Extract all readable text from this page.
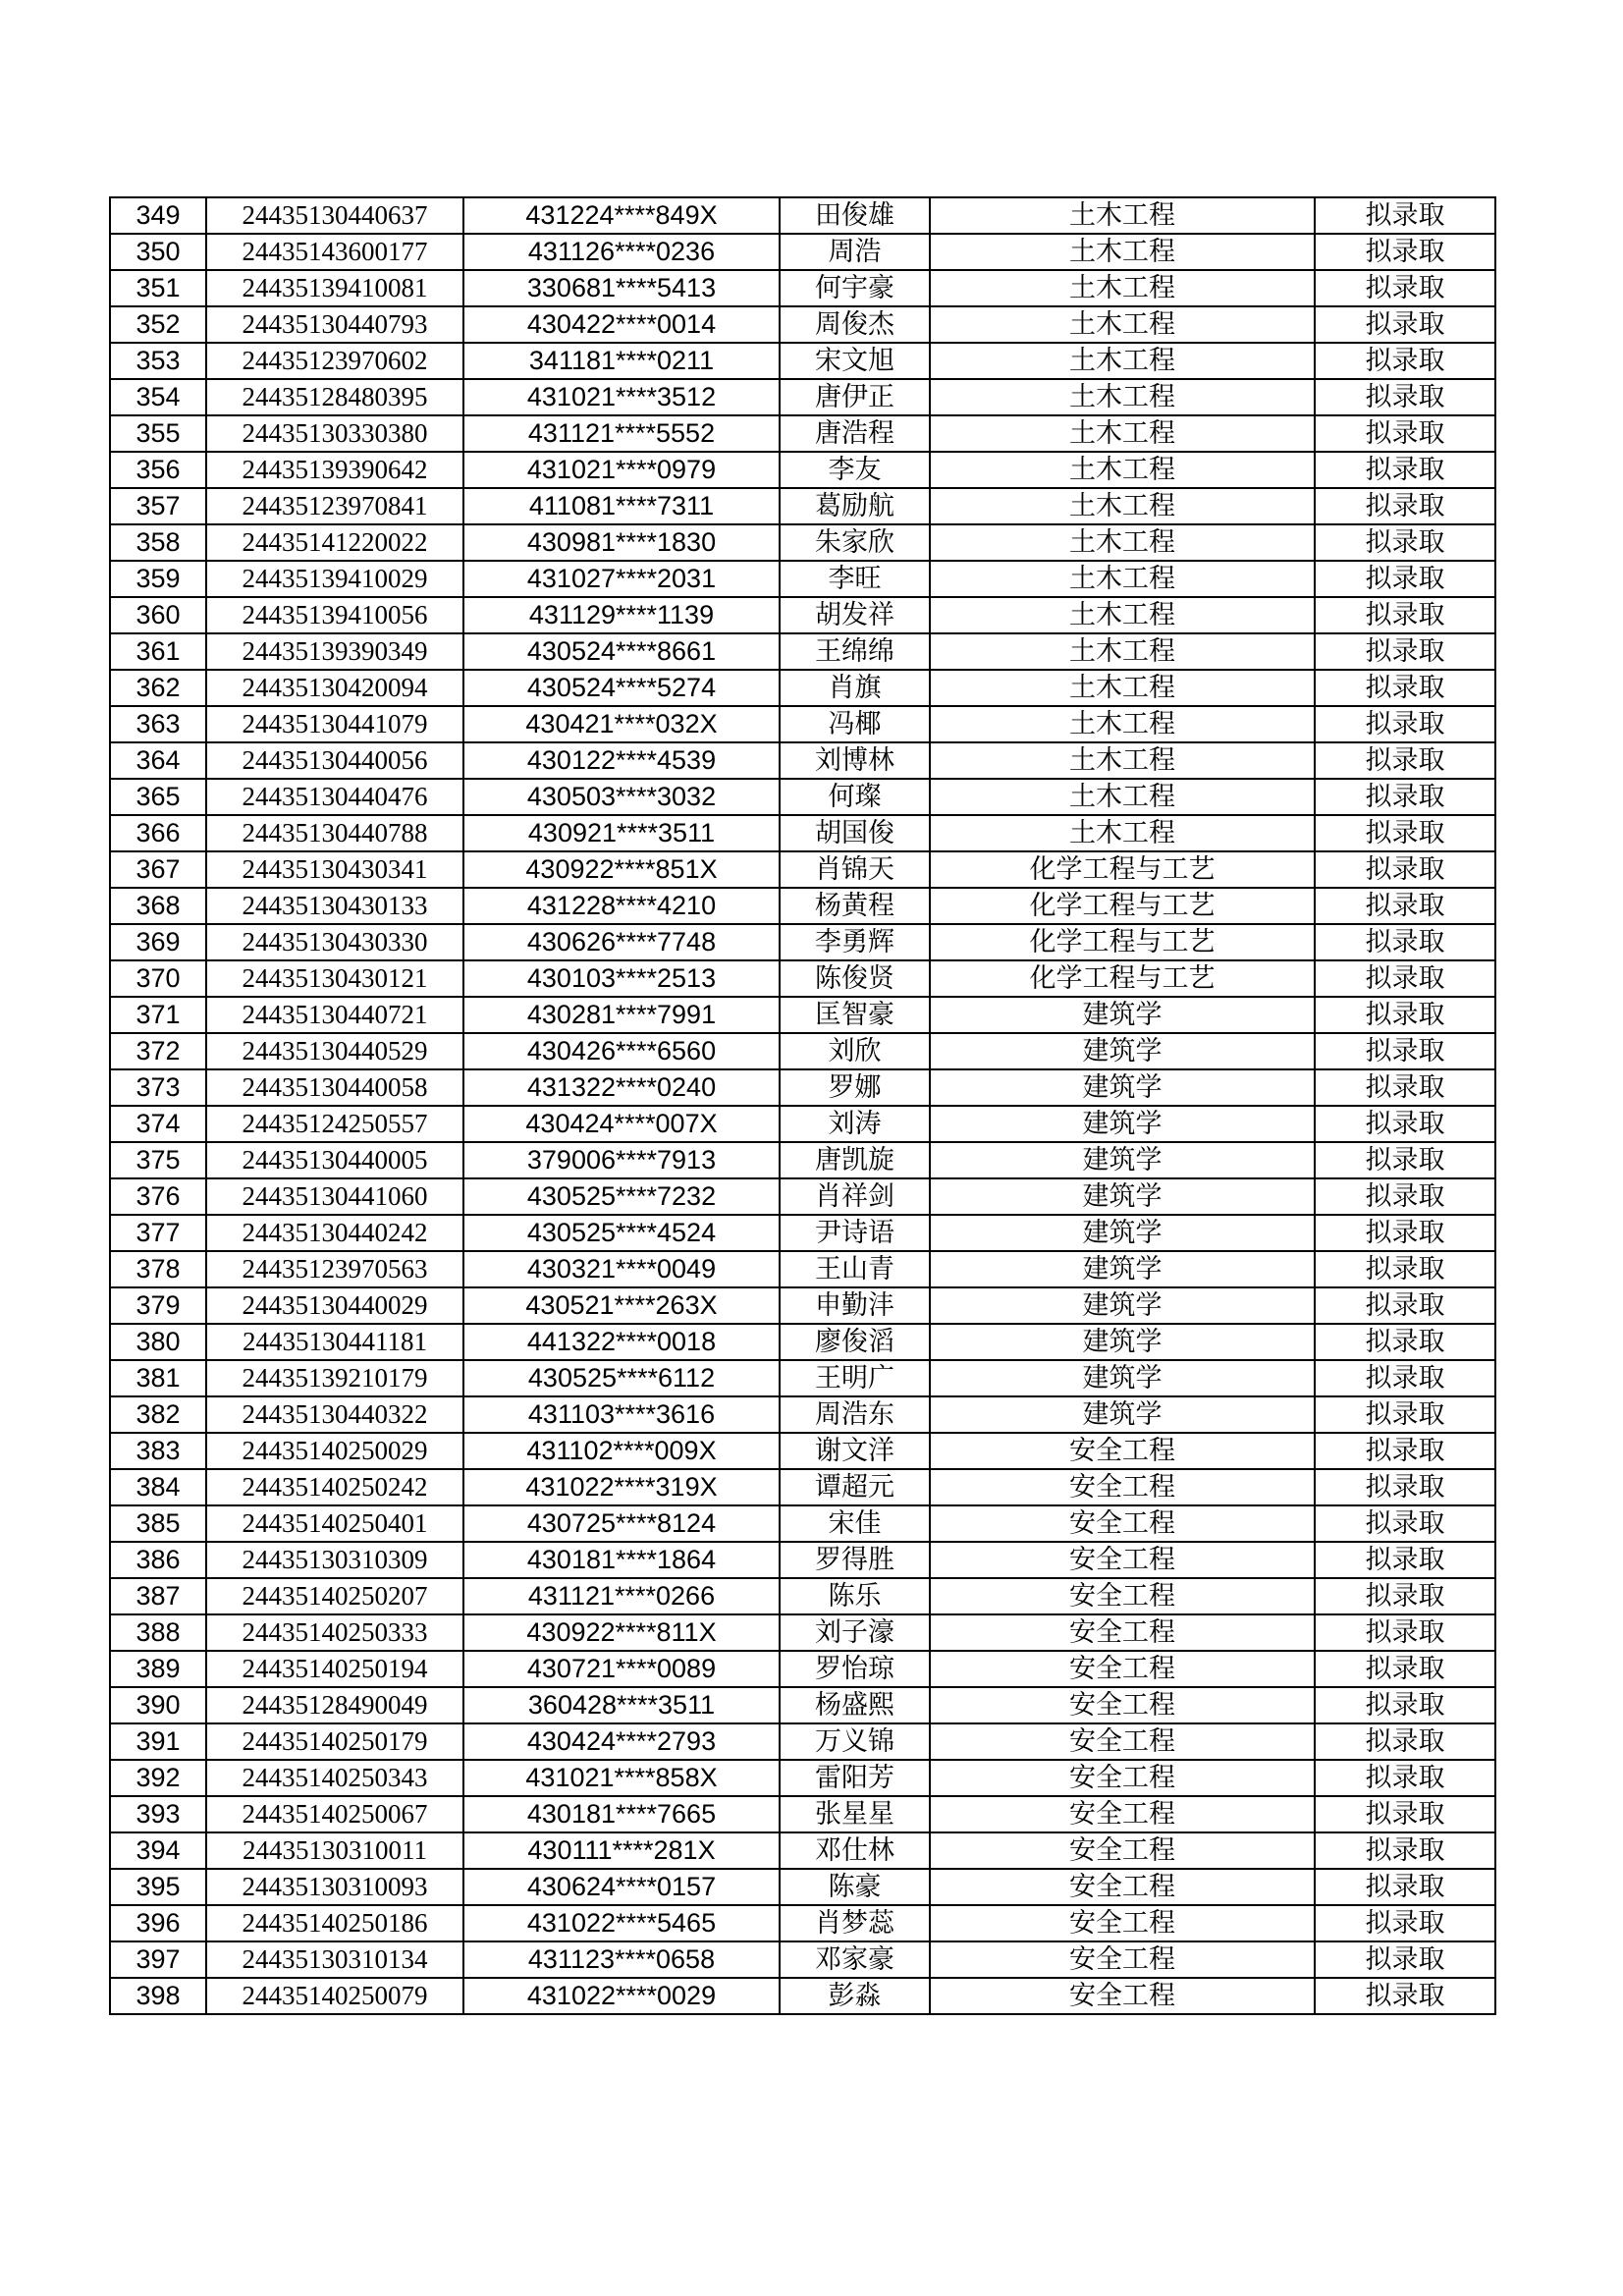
349	24435130440637	431224****849X	田俊雄	土木工程	拟录取
350	24435143600177	431126****0236	周浩	土木工程	拟录取
351	24435139410081	330681****5413	何宇豪	土木工程	拟录取
352	24435130440793	430422****0014	周俊杰	土木工程	拟录取
353	24435123970602	341181****0211	宋文旭	土木工程	拟录取
354	24435128480395	431021****3512	唐伊正	土木工程	拟录取
355	24435130330380	431121****5552	唐浩程	土木工程	拟录取
356	24435139390642	431021****0979	李友	土木工程	拟录取
357	24435123970841	411081****7311	葛励航	土木工程	拟录取
358	24435141220022	430981****1830	朱家欣	土木工程	拟录取
359	24435139410029	431027****2031	李旺	土木工程	拟录取
360	24435139410056	431129****1139	胡发祥	土木工程	拟录取
361	24435139390349	430524****8661	王绵绵	土木工程	拟录取
362	24435130420094	430524****5274	肖旗	土木工程	拟录取
363	24435130441079	430421****032X	冯椰	土木工程	拟录取
364	24435130440056	430122****4539	刘博林	土木工程	拟录取
365	24435130440476	430503****3032	何璨	土木工程	拟录取
366	24435130440788	430921****3511	胡国俊	土木工程	拟录取
367	24435130430341	430922****851X	肖锦天	化学工程与工艺	拟录取
368	24435130430133	431228****4210	杨黄程	化学工程与工艺	拟录取
369	24435130430330	430626****7748	李勇辉	化学工程与工艺	拟录取
370	24435130430121	430103****2513	陈俊贤	化学工程与工艺	拟录取
371	24435130440721	430281****7991	匡智豪	建筑学	拟录取
372	24435130440529	430426****6560	刘欣	建筑学	拟录取
373	24435130440058	431322****0240	罗娜	建筑学	拟录取
374	24435124250557	430424****007X	刘涛	建筑学	拟录取
375	24435130440005	379006****7913	唐凯旋	建筑学	拟录取
376	24435130441060	430525****7232	肖祥剑	建筑学	拟录取
377	24435130440242	430525****4524	尹诗语	建筑学	拟录取
378	24435123970563	430321****0049	王山青	建筑学	拟录取
379	24435130440029	430521****263X	申勤沣	建筑学	拟录取
380	24435130441181	441322****0018	廖俊滔	建筑学	拟录取
381	24435139210179	430525****6112	王明广	建筑学	拟录取
382	24435130440322	431103****3616	周浩东	建筑学	拟录取
383	24435140250029	431102****009X	谢文洋	安全工程	拟录取
384	24435140250242	431022****319X	谭超元	安全工程	拟录取
385	24435140250401	430725****8124	宋佳	安全工程	拟录取
386	24435130310309	430181****1864	罗得胜	安全工程	拟录取
387	24435140250207	431121****0266	陈乐	安全工程	拟录取
388	24435140250333	430922****811X	刘子濠	安全工程	拟录取
389	24435140250194	430721****0089	罗怡琼	安全工程	拟录取
390	24435128490049	360428****3511	杨盛熙	安全工程	拟录取
391	24435140250179	430424****2793	万义锦	安全工程	拟录取
392	24435140250343	431021****858X	雷阳芳	安全工程	拟录取
393	24435140250067	430181****7665	张星星	安全工程	拟录取
394	24435130310011	430111****281X	邓仕林	安全工程	拟录取
395	24435130310093	430624****0157	陈豪	安全工程	拟录取
396	24435140250186	431022****5465	肖梦蕊	安全工程	拟录取
397	24435130310134	431123****0658	邓家豪	安全工程	拟录取
398	24435140250079	431022****0029	彭淼	安全工程	拟录取
